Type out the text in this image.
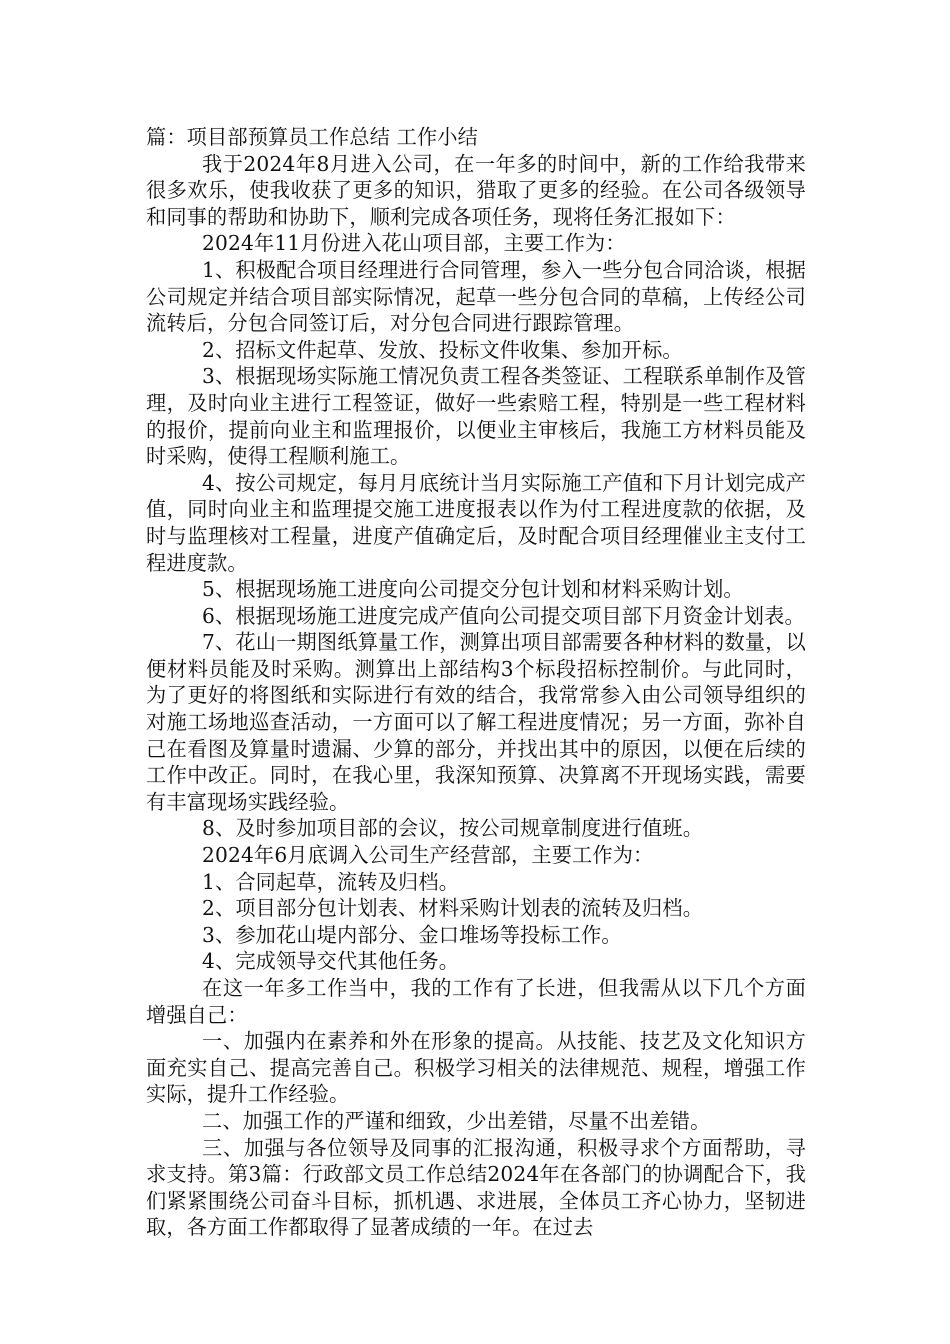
篇：项目部预算员工作总结 工作小结

我于2024年8月进入公司，在一年多的时间中，新的工作给我带来很多欢乐，使我收获了更多的知识，猎取了更多的经验。在公司各级领导和同事的帮助和协助下，顺利完成各项任务，现将任务汇报如下：

2024年11月份进入花山项目部，主要工作为：

1、积极配合项目经理进行合同管理，参入一些分包合同洽谈，根据公司规定并结合项目部实际情况，起草一些分包合同的草稿，上传经公司流转后，分包合同签订后，对分包合同进行跟踪管理。

2、招标文件起草、发放、投标文件收集、参加开标。

3、根据现场实际施工情况负责工程各类签证、工程联系单制作及管理，及时向业主进行工程签证，做好一些索赔工程，特别是一些工程材料的报价，提前向业主和监理报价，以便业主审核后，我施工方材料员能及时采购，使得工程顺利施工。

4、按公司规定，每月月底统计当月实际施工产值和下月计划完成产值，同时向业主和监理提交施工进度报表以作为付工程进度款的依据，及时与监理核对工程量，进度产值确定后，及时配合项目经理催业主支付工程进度款。

5、根据现场施工进度向公司提交分包计划和材料采购计划。

6、根据现场施工进度完成产值向公司提交项目部下月资金计划表。

7、花山一期图纸算量工作，测算出项目部需要各种材料的数量，以便材料员能及时采购。测算出上部结构3个标段招标控制价。与此同时，为了更好的将图纸和实际进行有效的结合，我常常参入由公司领导组织的对施工场地巡查活动，一方面可以了解工程进度情况；另一方面，弥补自己在看图及算量时遗漏、少算的部分，并找出其中的原因，以便在后续的工作中改正。同时，在我心里，我深知预算、决算离不开现场实践，需要有丰富现场实践经验。

8、及时参加项目部的会议，按公司规章制度进行值班。

2024年6月底调入公司生产经营部，主要工作为：

1、合同起草，流转及归档。

2、项目部分包计划表、材料采购计划表的流转及归档。

3、参加花山堤内部分、金口堆场等投标工作。

4、完成领导交代其他任务。

在这一年多工作当中，我的工作有了长进，但我需从以下几个方面增强自己：

一、加强内在素养和外在形象的提高。从技能、技艺及文化知识方面充实自己、提高完善自己。积极学习相关的法律规范、规程，增强工作实际，提升工作经验。

二、加强工作的严谨和细致，少出差错，尽量不出差错。

三、加强与各位领导及同事的汇报沟通，积极寻求个方面帮助，寻求支持。第3篇：行政部文员工作总结2024年在各部门的协调配合下，我们紧紧围绕公司奋斗目标，抓机遇、求进展，全体员工齐心协力，坚韧进取，各方面工作都取得了显著成绩的一年。在过去
